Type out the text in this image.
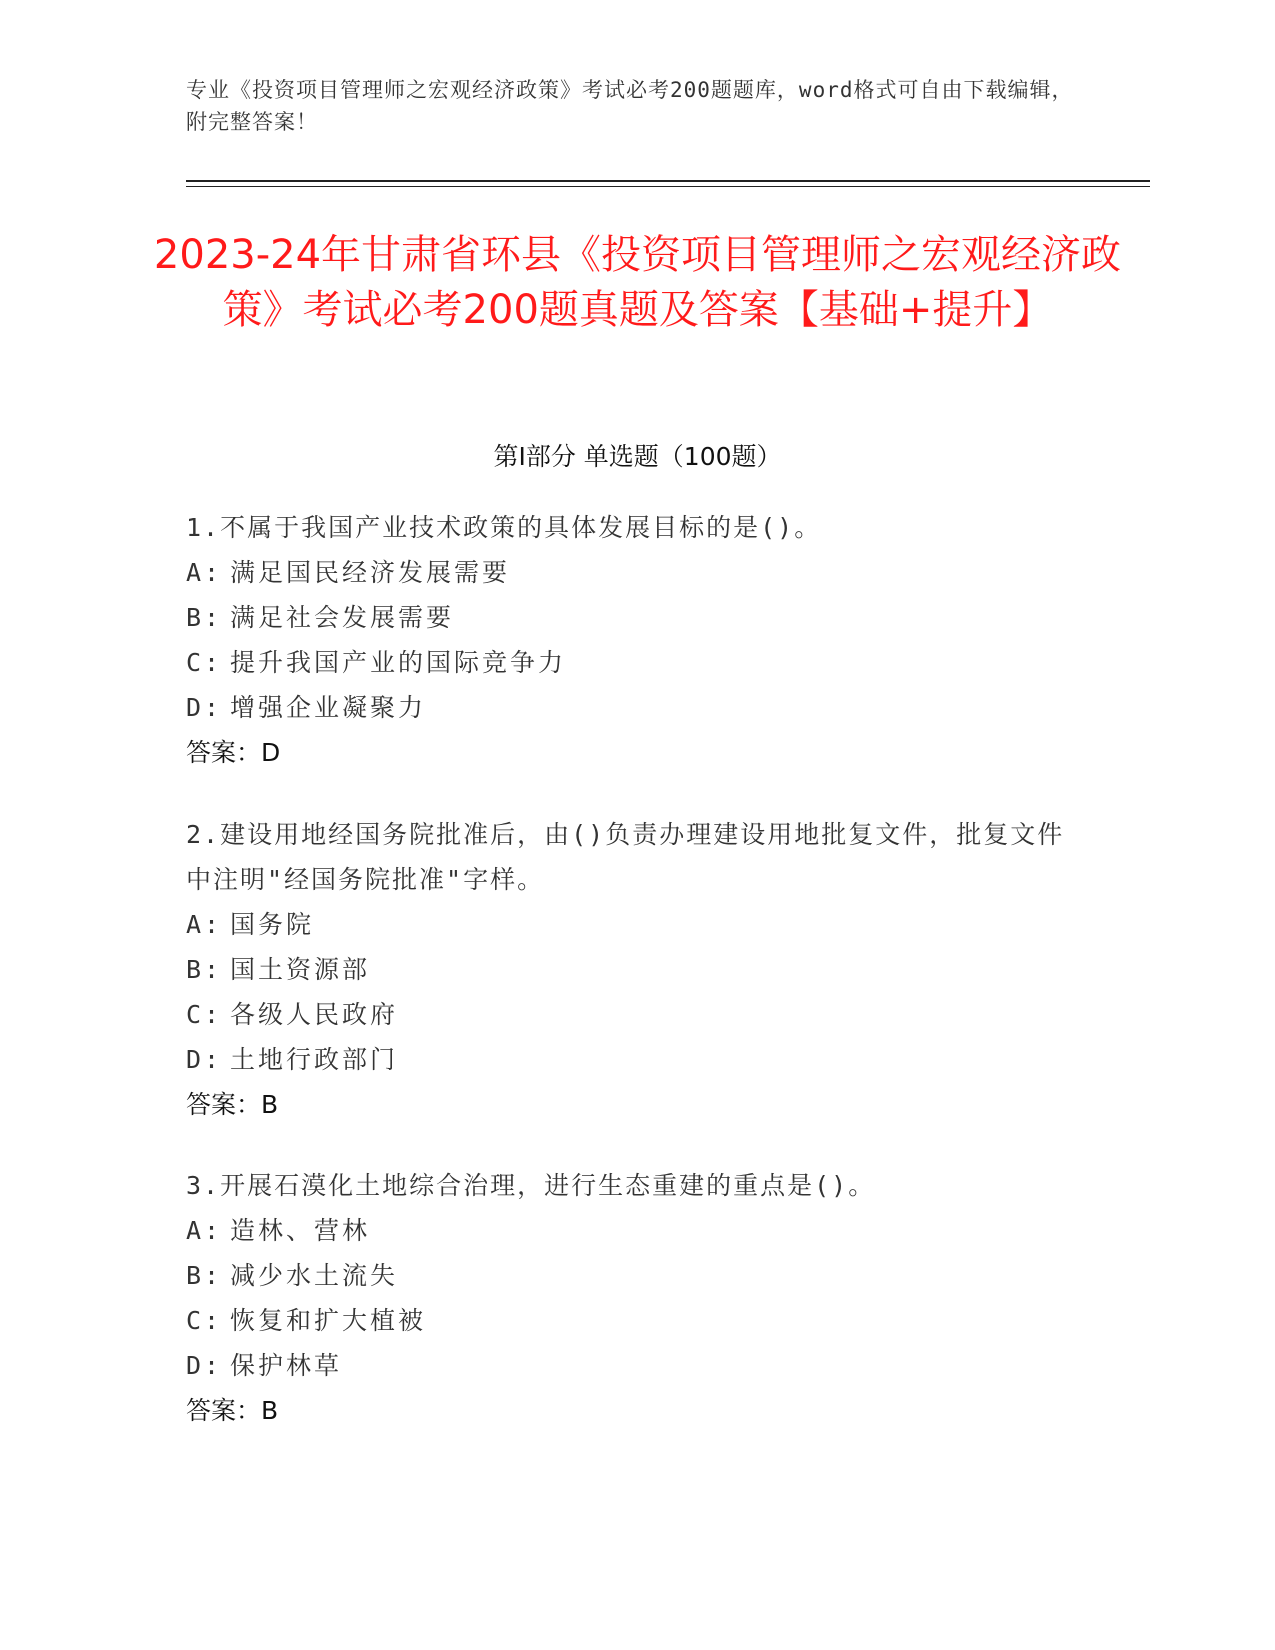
专业《投资项目管理师之宏观经济政策》考试必考200题题库，word格式可自由下载编辑，附完整答案！
2023-24年甘肃省环县《投资项目管理师之宏观经济政策》考试必考200题真题及答案【基础+提升】
第I部分 单选题（100题）

1.不属于我国产业技术政策的具体发展目标的是()。

A: 满足国民经济发展需要

B: 满足社会发展需要

C: 提升我国产业的国际竞争力

D: 增强企业凝聚力

答案：D

2.建设用地经国务院批准后，由()负责办理建设用地批复文件，批复文件中注明"经国务院批准"字样。

A: 国务院

B: 国土资源部

C: 各级人民政府

D: 土地行政部门

答案：B

3.开展石漠化土地综合治理，进行生态重建的重点是()。

A: 造林、营林

B: 减少水土流失

C: 恢复和扩大植被

D: 保护林草

答案：B
